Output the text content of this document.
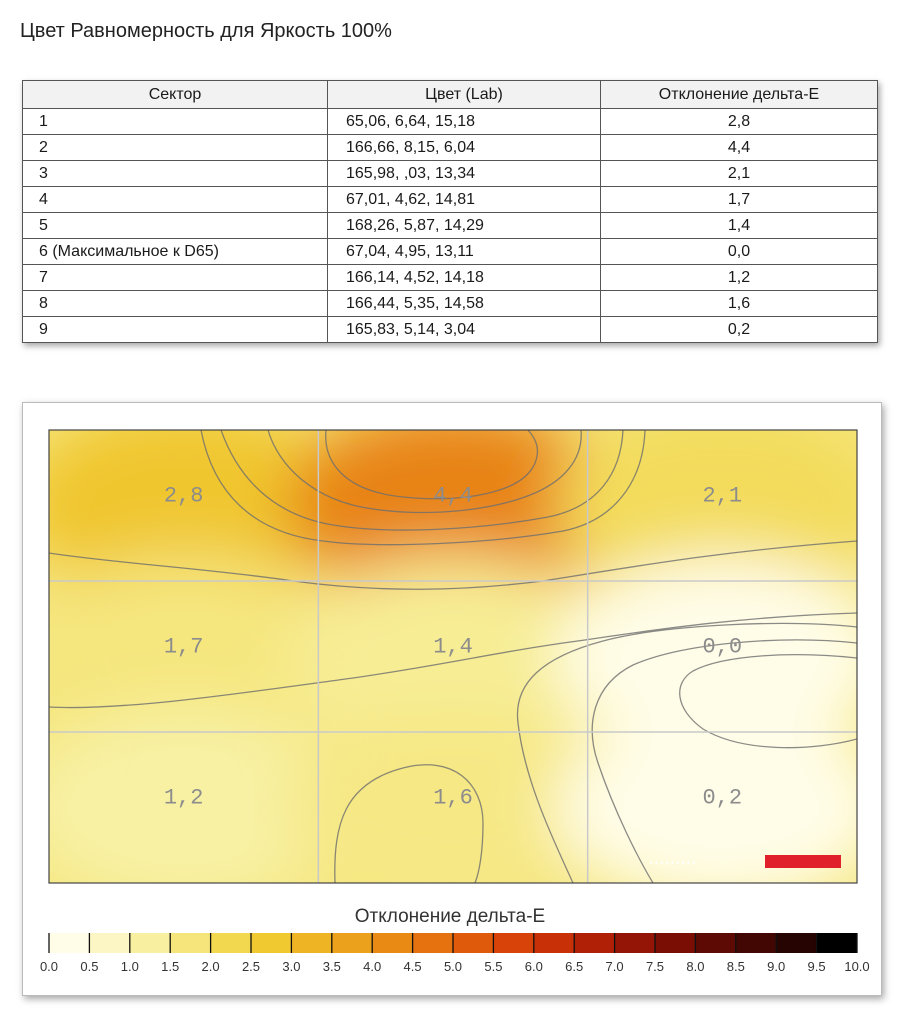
Цвет Равномерность для Яркость 100%
Сектор	Цвет (Lab)	Отклонение дельта-E
1	65,06, 6,64, 15,18	2,8
2	166,66, 8,15, 6,04	4,4
3	165,98, ,03, 13,34	2,1
4	67,01, 4,62, 14,81	1,7
5	168,26, 5,87, 14,29	1,4
6 (Максимальное к D65)	67,04, 4,95, 13,11	0,0
7	166,14, 4,52, 14,18	1,2
8	166,44, 5,35, 14,58	1,6
9	165,83, 5,14, 3,04	0,2
2,8	4,4	2,1
1,7	1,4	0,0
1,2	1,6	0,2
·········
Отклонение дельта-E
0.0 0.5 1.0 1.5 2.0 2.5 3.0 3.5 4.0 4.5 5.0 5.5 6.0 6.5 7.0 7.5 8.0 8.5 9.0 9.5 10.0
